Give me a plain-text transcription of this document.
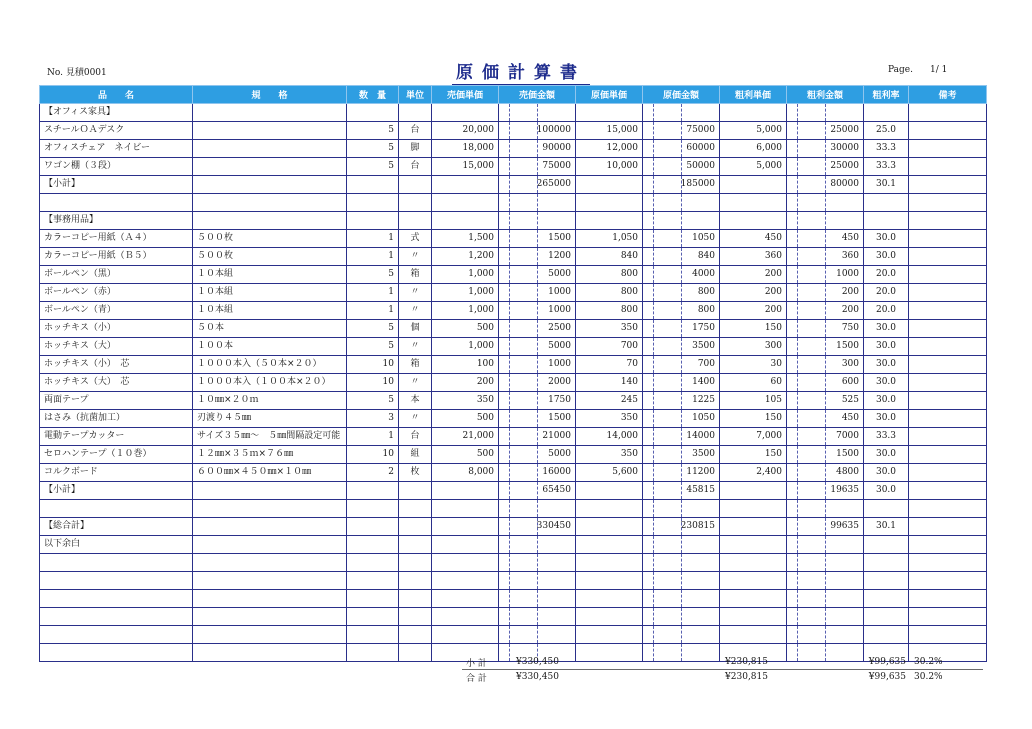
No. 見積0001	原価計算書	Page. 1/ 1
品　　名	規　　格	数　量	単位	売価単価	売価金額	原価単価	原価金額	粗利単価	粗利金額	粗利率	備考
【オフィス家具】											
スチールＯＡデスク		5	台	20,000	100000	15,000	75000	5,000	25000	25.0	
オフィスチェア　ネイビー		5	脚	18,000	90000	12,000	60000	6,000	30000	33.3	
ワゴン棚（３段）		5	台	15,000	75000	10,000	50000	5,000	25000	33.3	
【小計】					265000		185000		80000	30.1	

【事務用品】											
カラーコピー用紙（Ａ４）	５００枚	1	式	1,500	1500	1,050	1050	450	450	30.0	
カラーコピー用紙（Ｂ５）	５００枚	1	〃	1,200	1200	840	840	360	360	30.0	
ボールペン（黒）	１０本組	5	箱	1,000	5000	800	4000	200	1000	20.0	
ボールペン（赤）	１０本組	1	〃	1,000	1000	800	800	200	200	20.0	
ボールペン（青）	１０本組	1	〃	1,000	1000	800	800	200	200	20.0	
ホッチキス（小）	５０本	5	個	500	2500	350	1750	150	750	30.0	
ホッチキス（大）	１００本	5	〃	1,000	5000	700	3500	300	1500	30.0	
ホッチキス（小）　芯	１０００本入（５０本×２０）	10	箱	100	1000	70	700	30	300	30.0	
ホッチキス（大）　芯	１０００本入（１００本×２０）	10	〃	200	2000	140	1400	60	600	30.0	
両面テープ	１０㎜×２０ｍ	5	本	350	1750	245	1225	105	525	30.0	
はさみ（抗菌加工）	刃渡り４５㎜	3	〃	500	1500	350	1050	150	450	30.0	
電動テープカッター	サイズ３５㎜～　５㎜間隔設定可能	1	台	21,000	21000	14,000	14000	7,000	7000	33.3	
セロハンテープ（１０巻）	１２㎜×３５ｍ×７６㎜	10	組	500	5000	350	3500	150	1500	30.0	
コルクボード	６００㎜×４５０㎜×１０㎜	2	枚	8,000	16000	5,600	11200	2,400	4800	30.0	
【小計】					65450		45815		19635	30.0	

【総合計】					330450		230815		99635	30.1	
以下余白											

小 計	¥330,450	¥230,815	¥99,635	30.2%
合 計	¥330,450	¥230,815	¥99,635	30.2%
